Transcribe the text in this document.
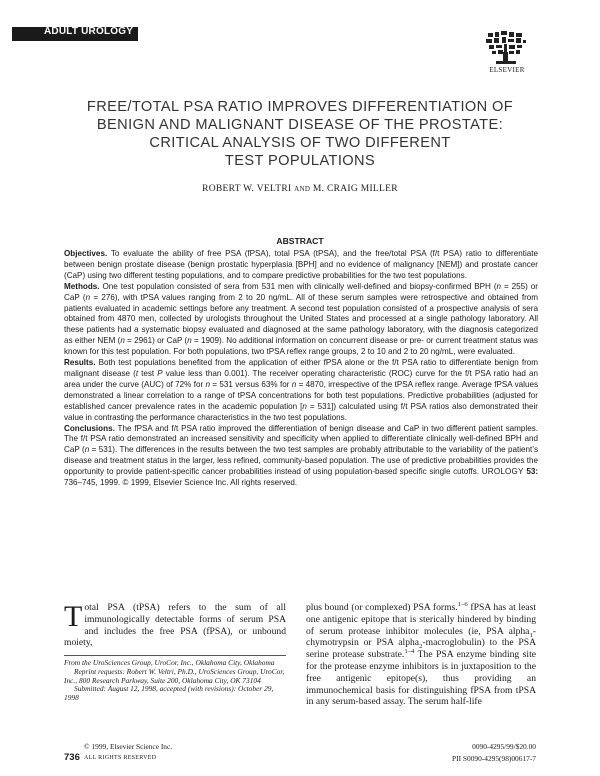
ADULT UROLOGY
ELSEVIER
FREE/TOTAL PSA RATIO IMPROVES DIFFERENTIATION OF
BENIGN AND MALIGNANT DISEASE OF THE PROSTATE:
CRITICAL ANALYSIS OF TWO DIFFERENT
TEST POPULATIONS
ROBERT W. VELTRI AND M. CRAIG MILLER
ABSTRACT

Objectives. To evaluate the ability of free PSA (fPSA), total PSA (tPSA), and the free/total PSA (f/t PSA) ratio to differentiate between benign prostate disease (benign prostatic hyperplasia [BPH] and no evidence of malignancy [NEM]) and prostate cancer (CaP) using two different testing populations, and to compare predictive probabilities for the two test populations.

Methods. One test population consisted of sera from 531 men with clinically well-defined and biopsy-confirmed BPH (n = 255) or CaP (n = 276), with tPSA values ranging from 2 to 20 ng/mL. All of these serum samples were retrospective and obtained from patients evaluated in academic settings before any treatment. A second test population consisted of a prospective analysis of sera obtained from 4870 men, collected by urologists throughout the United States and processed at a single pathology laboratory. All these patients had a systematic biopsy evaluated and diagnosed at the same pathology laboratory, with the diagnosis categorized as either NEM (n = 2961) or CaP (n = 1909). No additional information on concurrent disease or pre- or current treatment status was known for this test population. For both populations, two tPSA reflex range groups, 2 to 10 and 2 to 20 ng/mL, were evaluated.

Results. Both test populations benefited from the application of either fPSA alone or the f/t PSA ratio to differentiate benign from malignant disease (t test P value less than 0.001). The receiver operating characteristic (ROC) curve for the f/t PSA ratio had an area under the curve (AUC) of 72% for n = 531 versus 63% for n = 4870, irrespective of the tPSA reflex range. Average fPSA values demonstrated a linear correlation to a range of tPSA concentrations for both test populations. Predictive probabilities (adjusted for established cancer prevalence rates in the academic population [n = 531]) calculated using f/t PSA ratios also demonstrated their value in contrasting the performance characteristics in the two test populations.

Conclusions. The fPSA and f/t PSA ratio improved the differentiation of benign disease and CaP in two different patient samples. The f/t PSA ratio demonstrated an increased sensitivity and specificity when applied to differentiate clinically well-defined BPH and CaP (n = 531). The differences in the results between the two test samples are probably attributable to the variability of the patient’s disease and treatment status in the larger, less refined, community-based population. The use of predictive probabilities provides the opportunity to provide patient-specific cancer probabilities instead of using population-based specific single cutoffs. UROLOGY 53: 736–745, 1999. © 1999, Elsevier Science Inc. All rights reserved.

Total PSA (tPSA) refers to the sum of all immunologically detectable forms of serum PSA and includes the free PSA (fPSA), or unbound moiety,

From the UroSciences Group, UroCor, Inc., Oklahoma City, Oklahoma

Reprint requests: Robert W. Veltri, Ph.D., UroSciences Group, UroCor, Inc., 800 Research Parkway, Suite 200, Oklahoma City, OK 73104

Submitted: August 12, 1998, accepted (with revisions): October 29, 1998

plus bound (or complexed) PSA forms.$^{1-6}$ fPSA has at least one antigenic epitope that is sterically hindered by binding of serum protease inhibitor molecules (ie, PSA alpha$_1$-chymotrypsin or PSA alpha$_2$-macroglobulin) to the PSA serine protease substrate.$^{1-4}$ The PSA enzyme binding site for the protease enzyme inhibitors is in juxtaposition to the free antigenic epitope(s), thus providing an immunochemical basis for distinguishing fPSA from tPSA in any serum-based assay. The serum half-life

© 1999, Elsevier Science Inc.
736 ALL RIGHTS RESERVED
0090-4295/99/$20.00
PII S0090-4295(98)00617-7
